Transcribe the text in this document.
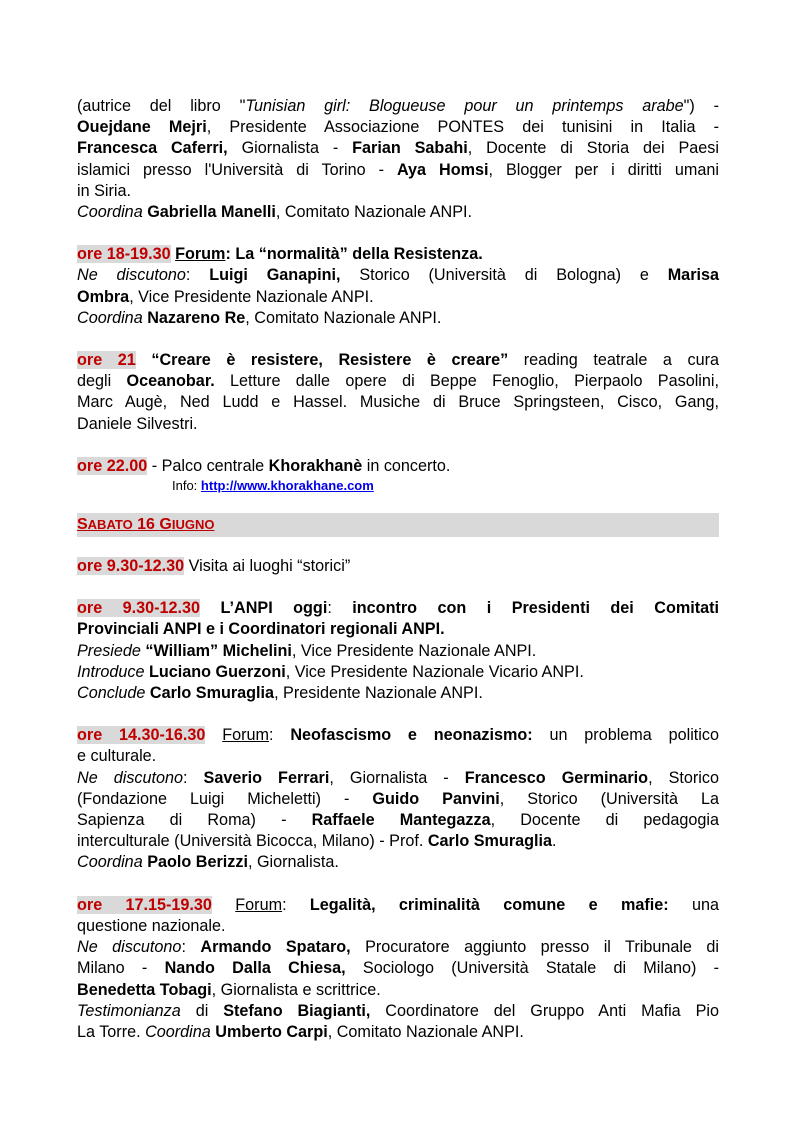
(autrice del libro "Tunisian girl: Blogueuse pour un printemps arabe") -

Ouejdane Mejri, Presidente Associazione PONTES dei tunisini in Italia -

Francesca Caferri, Giornalista - Farian Sabahi, Docente di Storia dei Paesi

islamici presso l'Università di Torino - Aya Homsi, Blogger per i diritti umani

in Siria.

Coordina Gabriella Manelli, Comitato Nazionale ANPI.

ore 18-19.30 Forum: La “normalità” della Resistenza.

Ne discutono: Luigi Ganapini, Storico (Università di Bologna) e Marisa

Ombra, Vice Presidente Nazionale ANPI.

Coordina Nazareno Re, Comitato Nazionale ANPI.

ore 21 “Creare è resistere, Resistere è creare” reading teatrale a cura

degli Oceanobar. Letture dalle opere di Beppe Fenoglio, Pierpaolo Pasolini,

Marc Augè, Ned Ludd e Hassel. Musiche di Bruce Springsteen, Cisco, Gang,

Daniele Silvestri.

ore 22.00 - Palco centrale Khorakhanè in concerto.

Info: http://www.khorakhane.com

SABATO 16 GIUGNO

ore 9.30-12.30 Visita ai luoghi “storici”

ore 9.30-12.30 L’ANPI oggi: incontro con i Presidenti dei Comitati

Provinciali ANPI e i Coordinatori regionali ANPI.

Presiede “William” Michelini, Vice Presidente Nazionale ANPI.

Introduce Luciano Guerzoni, Vice Presidente Nazionale Vicario ANPI.

Conclude Carlo Smuraglia, Presidente Nazionale ANPI.

ore 14.30-16.30 Forum: Neofascismo e neonazismo: un problema politico

e culturale.

Ne discutono: Saverio Ferrari, Giornalista - Francesco Germinario, Storico

(Fondazione Luigi Micheletti) - Guido Panvini, Storico (Università La

Sapienza di Roma) - Raffaele Mantegazza, Docente di pedagogia

interculturale (Università Bicocca, Milano) - Prof. Carlo Smuraglia.

Coordina Paolo Berizzi, Giornalista.

ore 17.15-19.30 Forum: Legalità, criminalità comune e mafie: una

questione nazionale.

Ne discutono: Armando Spataro, Procuratore aggiunto presso il Tribunale di

Milano - Nando Dalla Chiesa, Sociologo (Università Statale di Milano) -

Benedetta Tobagi, Giornalista e scrittrice.

Testimonianza di Stefano Biagianti, Coordinatore del Gruppo Anti Mafia Pio

La Torre. Coordina Umberto Carpi, Comitato Nazionale ANPI.
